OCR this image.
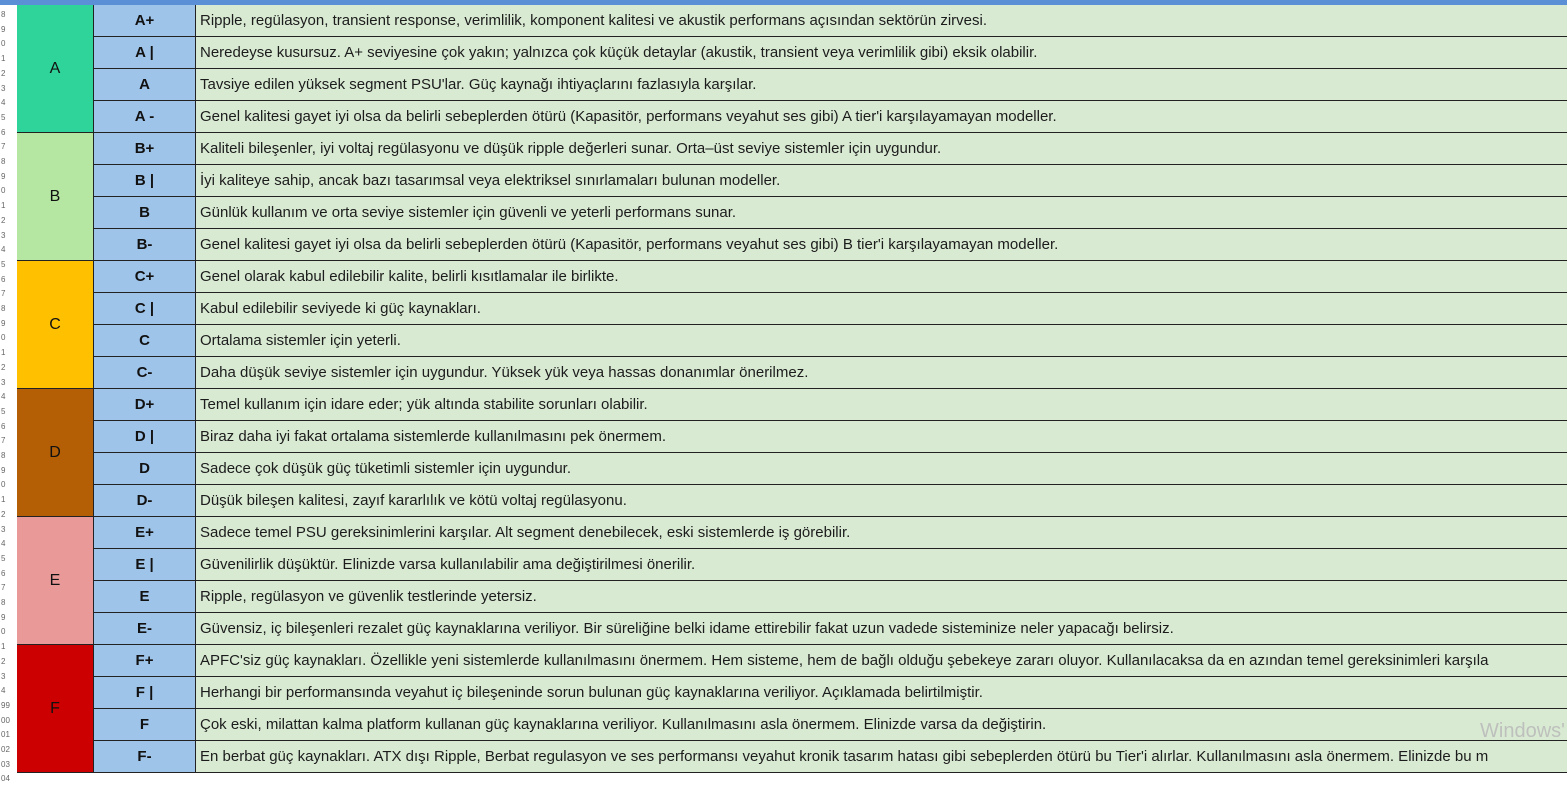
8
9
0
1
2
3
4
5
6
7
8
9
0
1
2
3
4
5
6
7
8
9
0
1
2
3
4
5
6
7
8
9
0
1
2
3
4
5
6
7
8
9
0
1
2
3
4
99
00
01
02
03
04
A
A+	Ripple, regülasyon, transient response, verimlilik, komponent kalitesi ve akustik performans açısından sektörün zirvesi.
A |	Neredeyse kusursuz. A+ seviyesine çok yakın; yalnızca çok küçük detaylar (akustik, transient veya verimlilik gibi) eksik olabilir.
A	Tavsiye edilen yüksek segment PSU'lar. Güç kaynağı ihtiyaçlarını fazlasıyla karşılar.
A -	Genel kalitesi gayet iyi olsa da belirli sebeplerden ötürü (Kapasitör, performans veyahut ses gibi) A tier'i karşılayamayan modeller.
B
B+	Kaliteli bileşenler, iyi voltaj regülasyonu ve düşük ripple değerleri sunar. Orta–üst seviye sistemler için uygundur.
B |	İyi kaliteye sahip, ancak bazı tasarımsal veya elektriksel sınırlamaları bulunan modeller.
B	Günlük kullanım ve orta seviye sistemler için güvenli ve yeterli performans sunar.
B-	Genel kalitesi gayet iyi olsa da belirli sebeplerden ötürü (Kapasitör, performans veyahut ses gibi) B tier'i karşılayamayan modeller.
C
C+	Genel olarak kabul edilebilir kalite, belirli kısıtlamalar ile birlikte.
C |	Kabul edilebilir seviyede ki güç kaynakları.
C	Ortalama sistemler için yeterli.
C-	Daha düşük seviye sistemler için uygundur. Yüksek yük veya hassas donanımlar önerilmez.
D
D+	Temel kullanım için idare eder; yük altında stabilite sorunları olabilir.
D |	Biraz daha iyi fakat ortalama sistemlerde kullanılmasını pek önermem.
D	Sadece çok düşük güç tüketimli sistemler için uygundur.
D-	Düşük bileşen kalitesi, zayıf kararlılık ve kötü voltaj regülasyonu.
E
E+	Sadece temel PSU gereksinimlerini karşılar. Alt segment denebilecek, eski sistemlerde iş görebilir.
E |	Güvenilirlik düşüktür. Elinizde varsa kullanılabilir ama değiştirilmesi önerilir.
E	Ripple, regülasyon ve güvenlik testlerinde yetersiz.
E-	Güvensiz, iç bileşenleri rezalet güç kaynaklarına veriliyor. Bir süreliğine belki idame ettirebilir fakat uzun vadede sisteminize neler yapacağı belirsiz.
F
F+	APFC'siz güç kaynakları. Özellikle yeni sistemlerde kullanılmasını önermem. Hem sisteme, hem de bağlı olduğu şebekeye zararı oluyor. Kullanılacaksa da en azından temel gereksinimleri karşıla
F |	Herhangi bir performansında veyahut iç bileşeninde sorun bulunan güç kaynaklarına veriliyor. Açıklamada belirtilmiştir.
F	Çok eski, milattan kalma platform kullanan güç kaynaklarına veriliyor. Kullanılmasını asla önermem. Elinizde varsa da değiştirin.
F-	En berbat güç kaynakları. ATX dışı Ripple, Berbat regulasyon ve ses performansı veyahut kronik tasarım hatası gibi sebeplerden ötürü bu Tier'i alırlar. Kullanılmasını asla önermem. Elinizde bu m
Windows'
